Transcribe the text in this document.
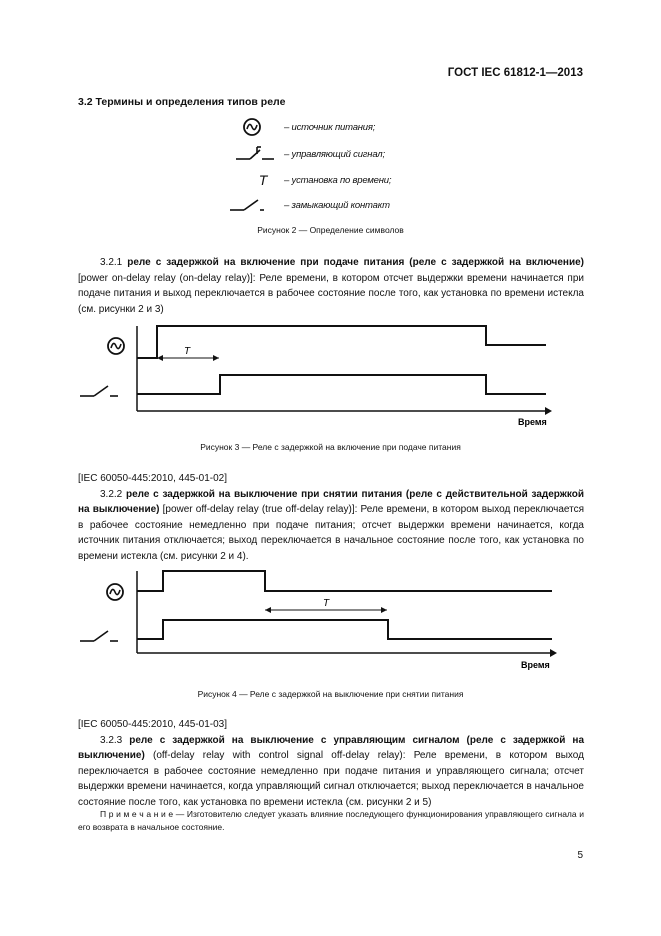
ГОСТ IEC 61812-1—2013
3.2 Термины и определения типов реле
– источник питания;
– управляющий сигнал;
T	– установка по времени;
– замыкающий контакт
Рисунок 2 — Определение символов
3.2.1 реле с задержкой на включение при подаче питания (реле с задержкой на включение) [power on-delay relay (on-delay relay)]: Реле времени, в котором отсчет выдержки времени начинается при подаче питания и выход переключается в рабочее состояние после того, как установка по времени истекла (см. рисунки 2 и 3)
T
Время
Рисунок 3 — Реле с задержкой на включение при подаче питания
[IEC 60050-445:2010, 445-01-02]
3.2.2 реле с задержкой на выключение при снятии питания (реле с действительной задержкой на выключение) [power off-delay relay (true off-delay relay)]: Реле времени, в котором выход переключается в рабочее состояние немедленно при подаче питания; отсчет выдержки времени начинается, когда источник питания отключается; выход переключается в начальное состояние после того, как установка по времени истекла (см. рисунки 2 и 4).
T
Время
Рисунок 4 — Реле с задержкой на выключение при снятии питания
[IEC 60050-445:2010, 445-01-03]
3.2.3 реле с задержкой на выключение с управляющим сигналом (реле с задержкой на выключение) (off-delay relay with control signal off-delay relay): Реле времени, в котором выход переключается в рабочее состояние немедленно при подаче питания и управляющего сигнала; отсчет выдержки времени начинается, когда управляющий сигнал отключается; выход переключается в начальное состояние после того, как установка по времени истекла (см. рисунки 2 и 5)
П р и м е ч а н и е — Изготовителю следует указать влияние последующего функционирования управляющего сигнала и его возврата в начальное состояние.
5
